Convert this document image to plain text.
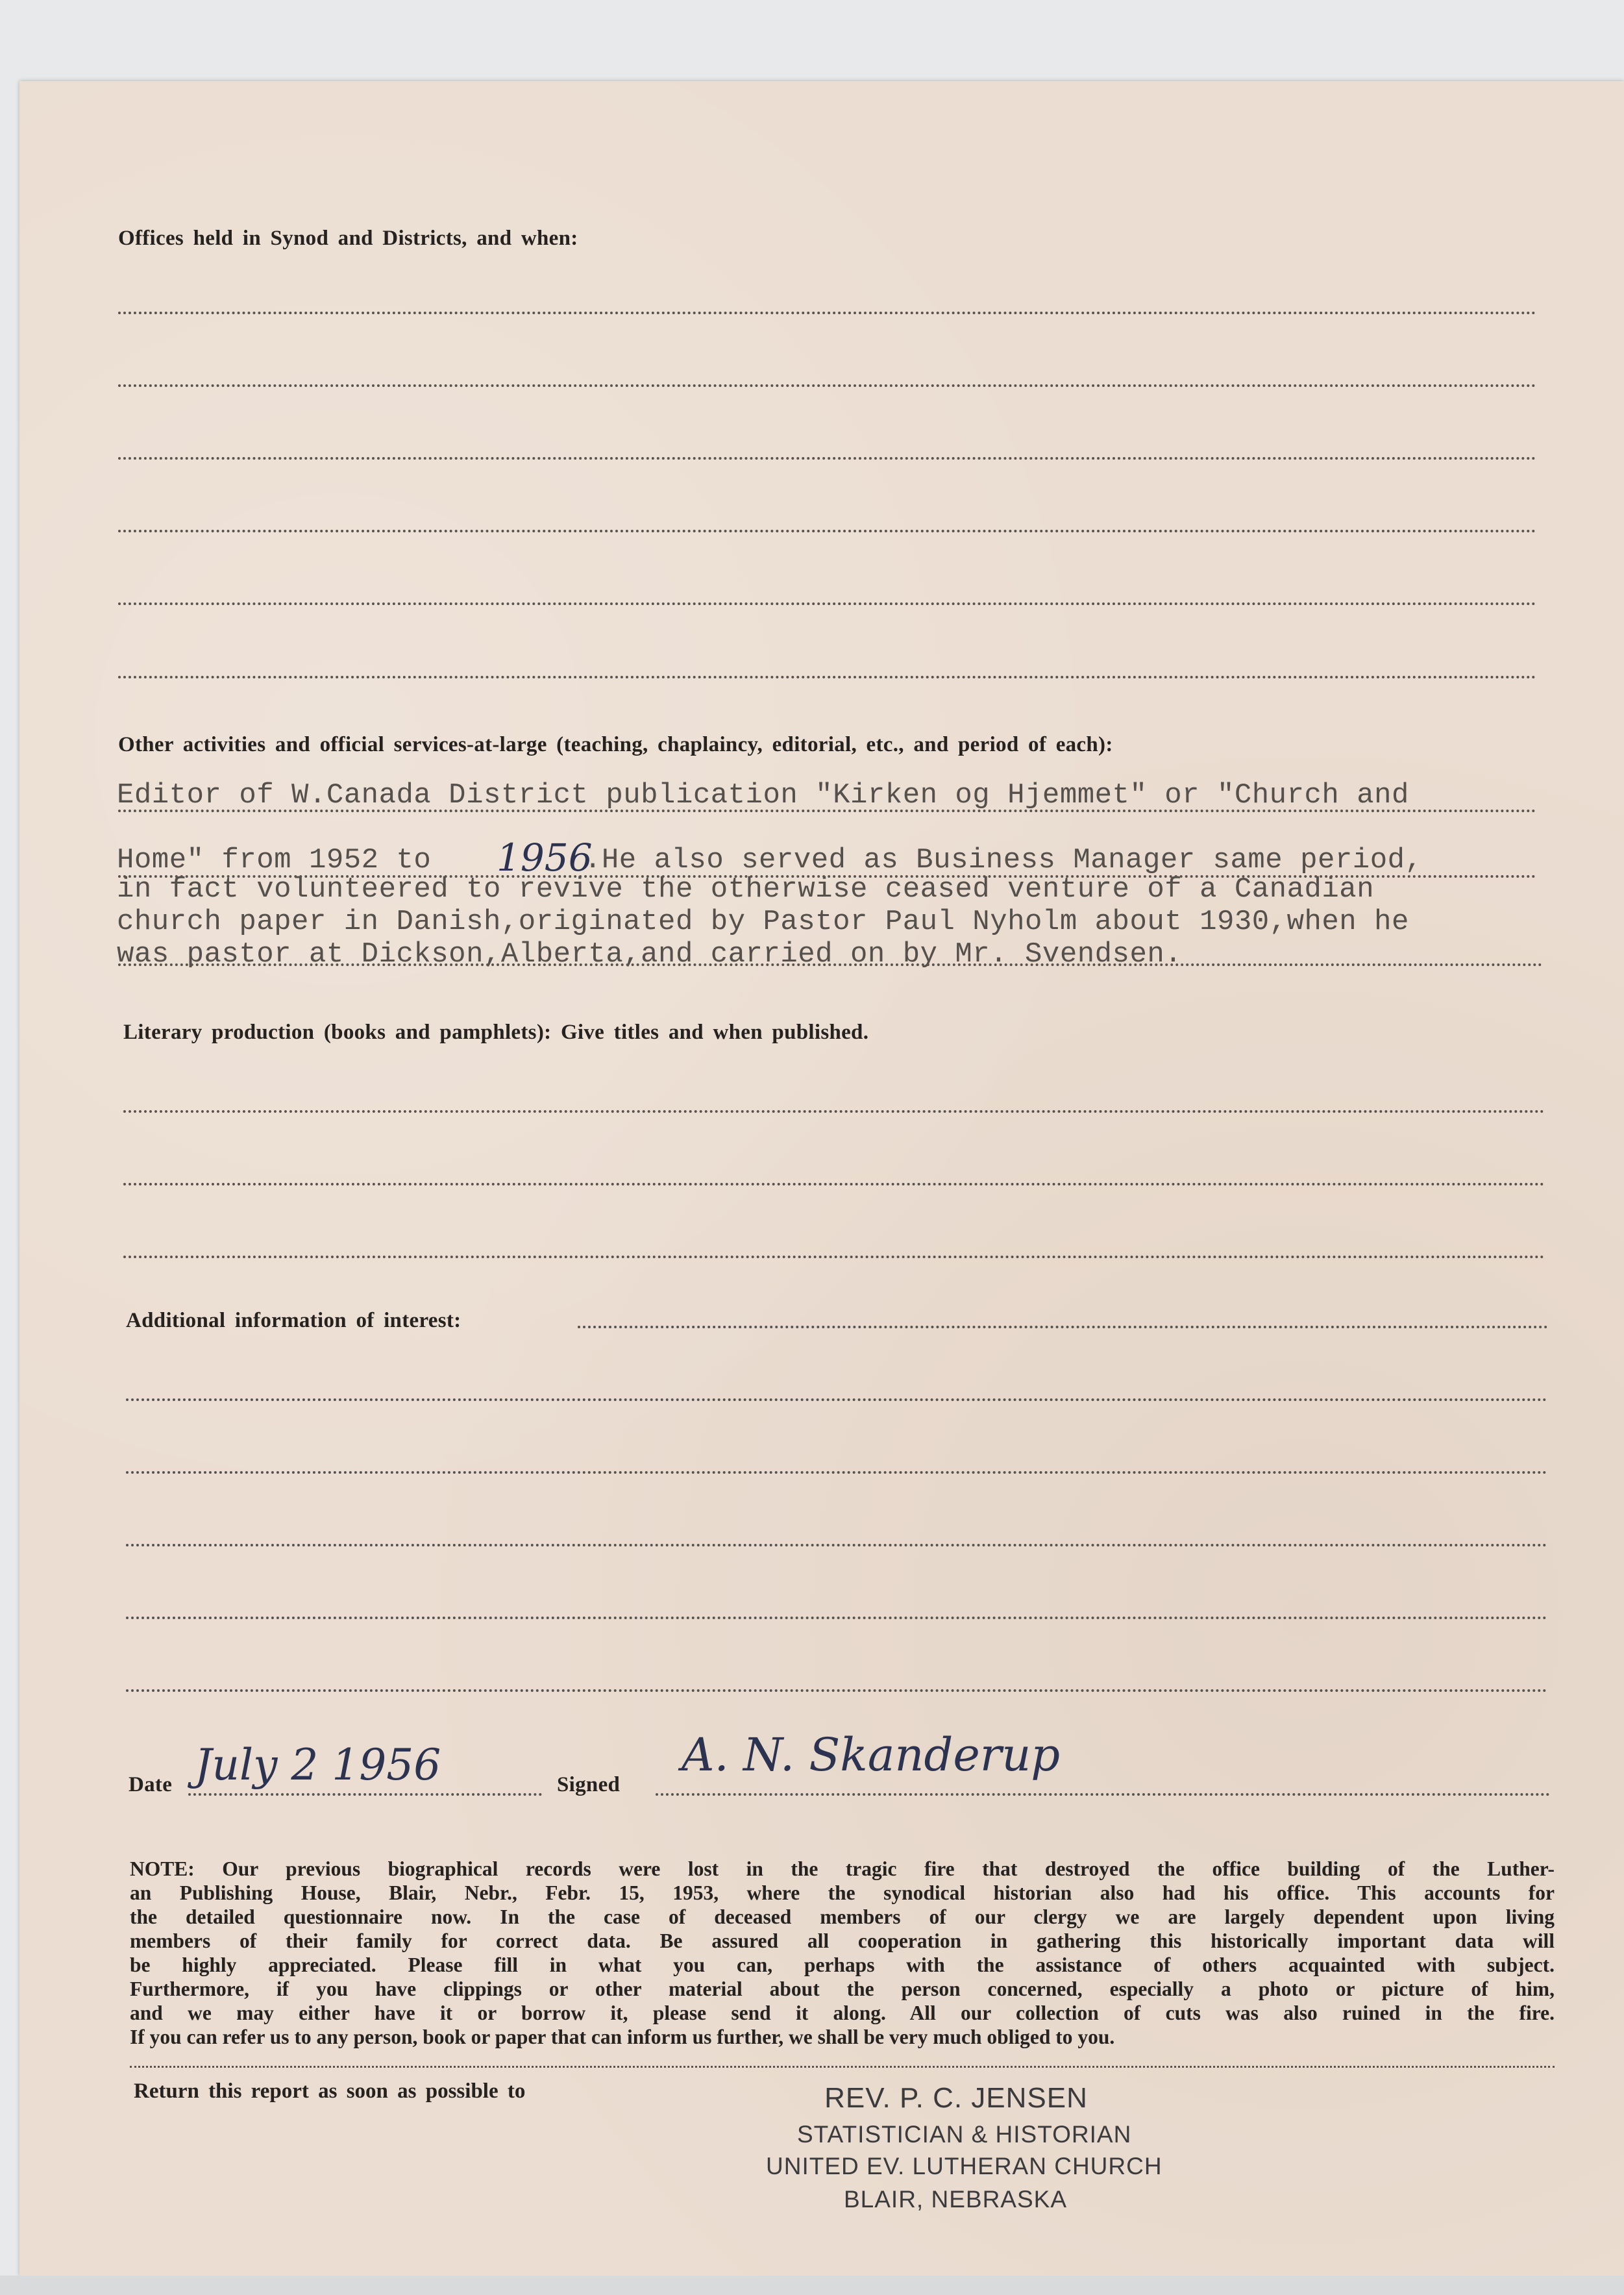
Offices held in Synod and Districts, and when:
Other activities and official services-at-large (teaching, chaplaincy, editorial, etc., and period of each):
Editor of W.Canada District publication "Kirken og Hjemmet" or "Church and
Home" from 1952 to 1956
.He also served as Business Manager same period,
in fact volunteered to revive the otherwise ceased venture of a Canadian
church paper in Danish,originated by Pastor Paul Nyholm about 1930,when he
was pastor at Dickson,Alberta,and carried on by Mr. Svendsen.
Literary production (books and pamphlets): Give titles and when published.
Additional information of interest:
Date July 2 1956	Signed
A. N. Skanderup
NOTE: Our previous biographical records were lost in the tragic fire that destroyed the office building of the Luther-
an Publishing House, Blair, Nebr., Febr. 15, 1953, where the synodical historian also had his office. This accounts for
the detailed questionnaire now. In the case of deceased members of our clergy we are largely dependent upon living
members of their family for correct data. Be assured all cooperation in gathering this historically important data will
be highly appreciated. Please fill in what you can, perhaps with the assistance of others acquainted with subject.
Furthermore, if you have clippings or other material about the person concerned, especially a photo or picture of him,
and we may either have it or borrow it, please send it along. All our collection of cuts was also ruined in the fire.
If you can refer us to any person, book or paper that can inform us further, we shall be very much obliged to you.
Return this report as soon as possible to	REV. P. C. JENSEN
STATISTICIAN & HISTORIAN
UNITED EV. LUTHERAN CHURCH
BLAIR, NEBRASKA
